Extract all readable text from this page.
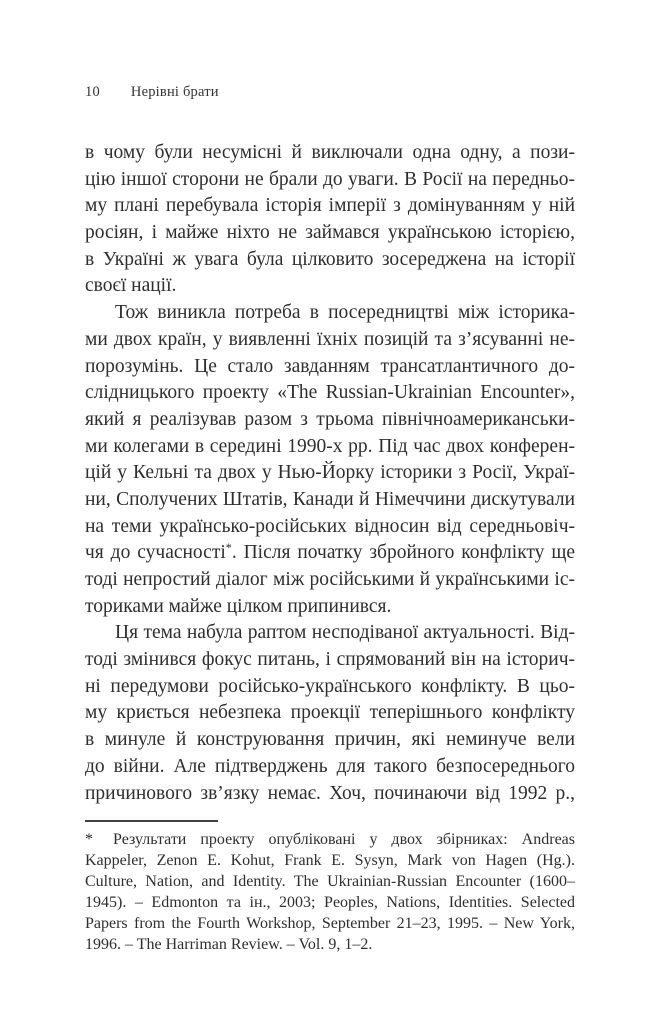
10 Нерівні брати
в чому були несумісні й виключали одна одну, а пози-
цію іншої сторони не брали до уваги. В Росії на передньо-
му плані перебувала історія імперії з домінуванням у ній
росіян, і майже ніхто не займався українською історією,
в Україні ж увага була цілковито зосереджена на історії
своєї нації.
Тож виникла потреба в посередництві між історика-
ми двох країн, у виявленні їхніх позицій та з’ясуванні не-
порозумінь. Це стало завданням трансатлантичного до-
слідницького проекту «The Russian-Ukrainian Encounter»,
який я реалізував разом з трьома північноамериканськи-
ми колегами в середині 1990-х рр. Під час двох конферен-
цій у Кельні та двох у Нью-Йорку історики з Росії, Украї-
ни, Сполучених Штатів, Канади й Німеччини дискутували
на теми українсько-російських відносин від середньовіч-
чя до сучасності*. Після початку збройного конфлікту ще
тоді непростий діалог між російськими й українськими іс-
ториками майже цілком припинився.
Ця тема набула раптом несподіваної актуальності. Від-
тоді змінився фокус питань, і спрямований він на історич-
ні передумови російсько-українського конфлікту. В цьо-
му криється небезпека проекції теперішнього конфлікту
в минуле й конструювання причин, які неминуче вели
до війни. Але підтверджень для такого безпосереднього
причинового зв’язку немає. Хоч, починаючи від 1992 р.,
* Результати проекту опубліковані у двох збірниках: Andreas
Kappeler, Zenon E. Kohut, Frank E. Sysyn, Mark von Hagen (Hg.).
Culture, Nation, and Identity. The Ukrainian-Russian Encounter (1600–
1945). – Edmonton та ін., 2003; Peoples, Nations, Identities. Selected
Papers from the Fourth Workshop, September 21–23, 1995. – New York,
1996. – The Harriman Review. – Vol. 9, 1–2.
